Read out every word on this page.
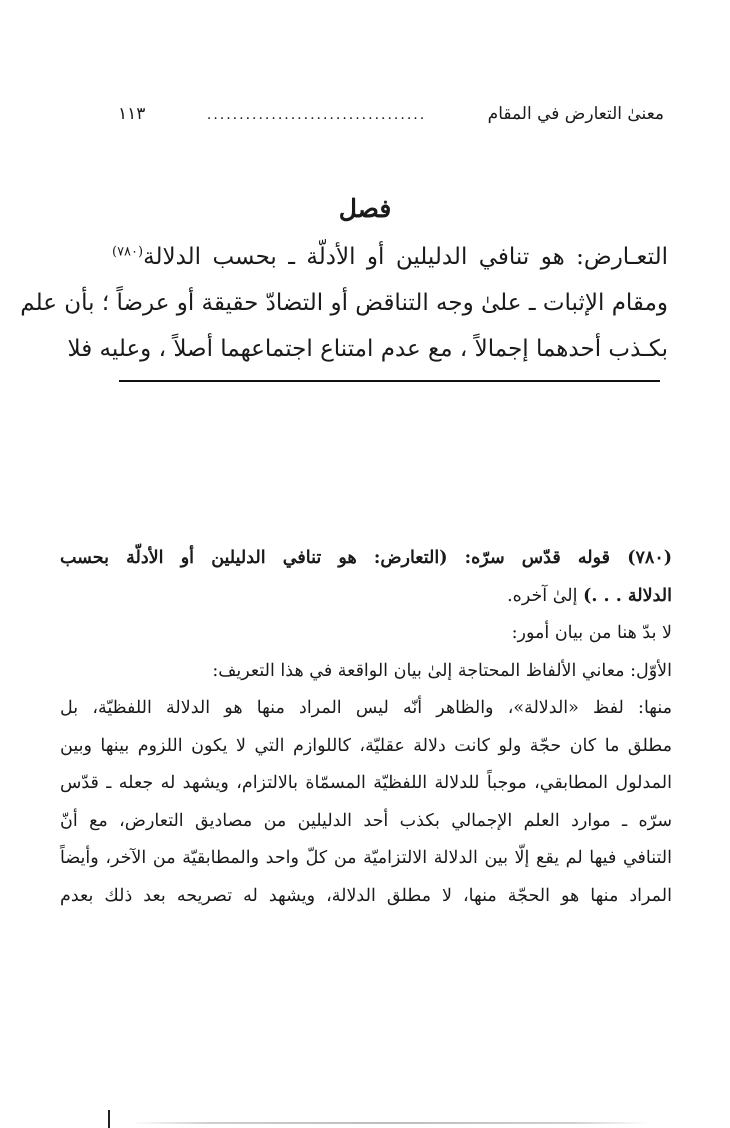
معنىٰ التعارض في المقام
..................................
١١٣
فصل
التعـارض: هو تنافي الدليلين أو الأدلّة ـ بحسب الدلالة$^{(٧٨٠)}$
ومقام الإثبات ـ علىٰ وجه التناقض أو التضادّ حقيقة أو عرضاً ؛ بأن علم
بكـذب أحدهما إجمالاً ، مع عدم امتناع اجتماعهما أصلاً ، وعليه فلا
(٧٨٠) قوله قدّس سرّه: (التعارض: هو تنافي الدليلين أو الأدلّة بحسب
الدلالة . . .) إلىٰ آخره.
لا بدّ هنا من بيان أمور:
الأوّل: معاني الألفاظ المحتاجة إلىٰ بيان الواقعة في هذا التعريف:
منها: لفظ «الدلالة»، والظاهر أنّه ليس المراد منها هو الدلالة اللفظيّة، بل
مطلق ما كان حجّة ولو كانت دلالة عقليّة، كاللوازم التي لا يكون اللزوم بينها وبين
المدلول المطابقي، موجباً للدلالة اللفظيّة المسمّاة بالالتزام، ويشهد له جعله ـ قدّس
سرّه ـ موارد العلم الإجمالي بكذب أحد الدليلين من مصاديق التعارض، مع أنّ
التنافي فيها لم يقع إلّا بين الدلالة الالتزاميّة من كلّ واحد والمطابقيّة من الآخر، وأيضاً
المراد منها هو الحجّة منها، لا مطلق الدلالة، ويشهد له تصريحه بعد ذلك بعدم
